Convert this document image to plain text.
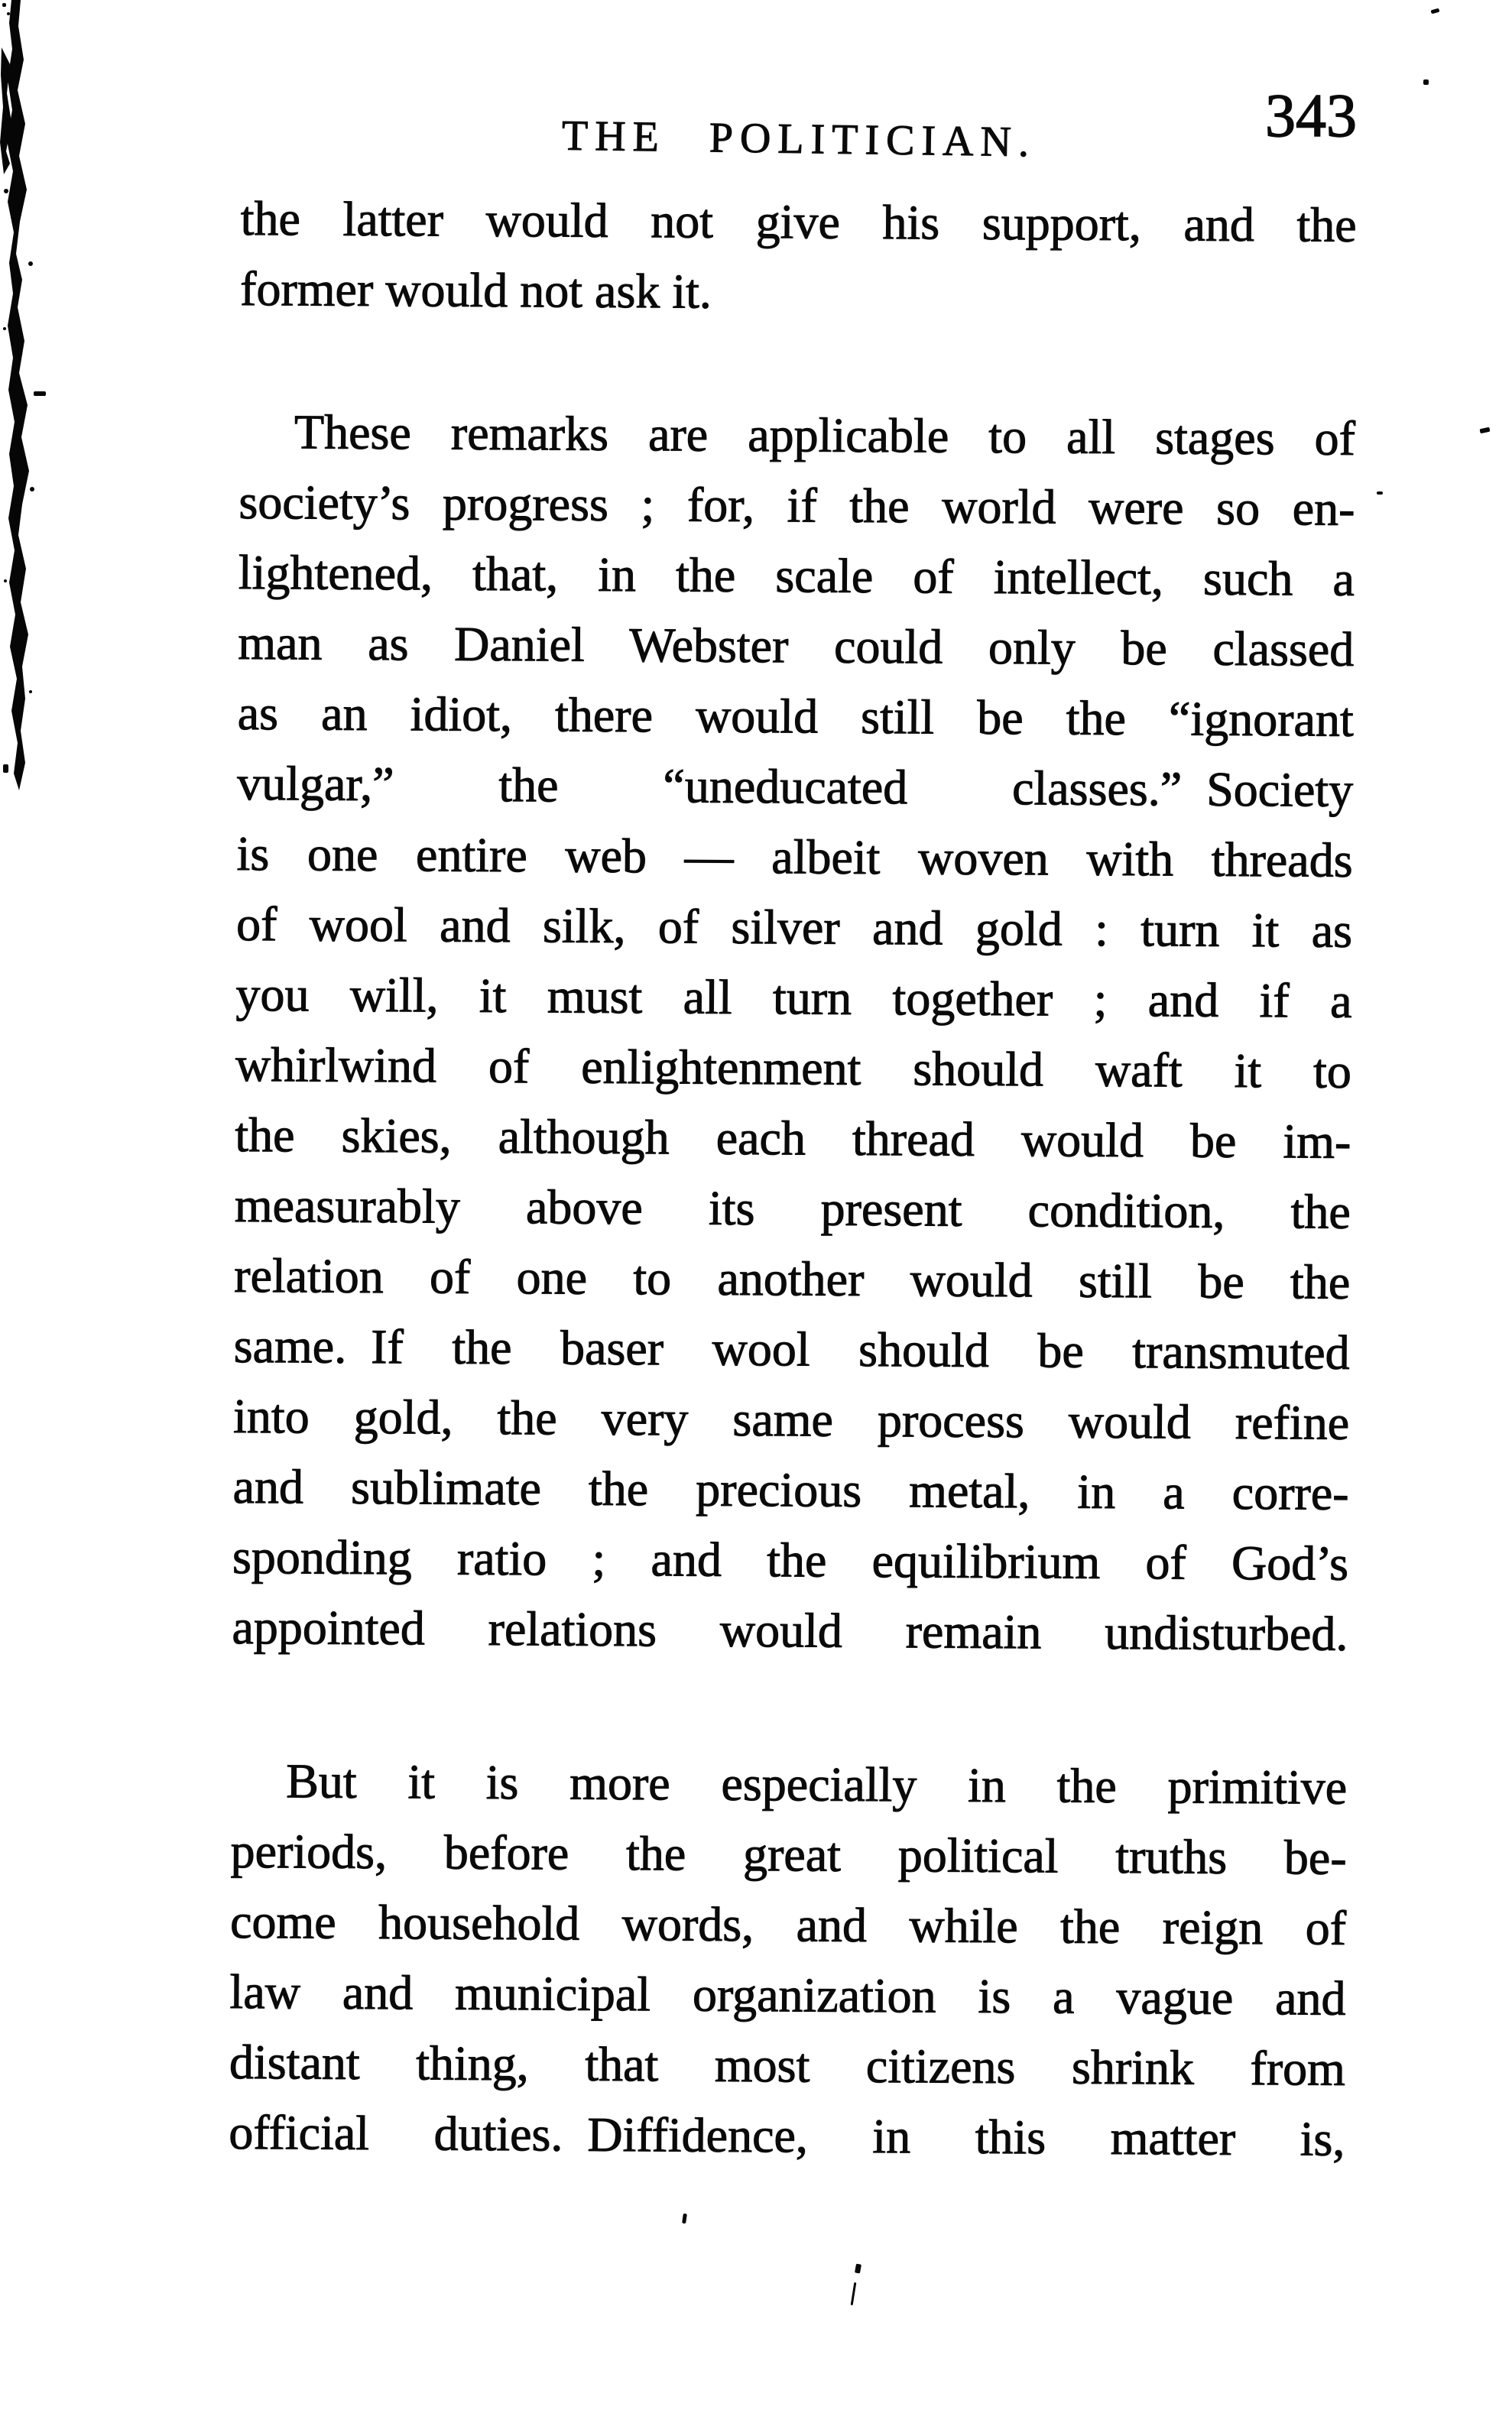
THE POLITICIAN.	343
the latter would not give his support, and the
former would not ask it.
These remarks are applicable to all stages of
society’s progress ; for, if the world were so en-
lightened, that, in the scale of intellect, such a
man as Daniel Webster could only be classed
as an idiot, there would still be the “ignorant
vulgar,” the “uneducated classes.” Society
is one entire web — albeit woven with threads
of wool and silk, of silver and gold : turn it as
you will, it must all turn together ; and if a
whirlwind of enlightenment should waft it to
the skies, although each thread would be im-
measurably above its present condition, the
relation of one to another would still be the
same. If the baser wool should be transmuted
into gold, the very same process would refine
and sublimate the precious metal, in a corre-
sponding ratio ; and the equilibrium of God’s
appointed relations would remain undisturbed.
But it is more especially in the primitive
periods, before the great political truths be-
come household words, and while the reign of
law and municipal organization is a vague and
distant thing, that most citizens shrink from
official duties. Diffidence, in this matter is,
